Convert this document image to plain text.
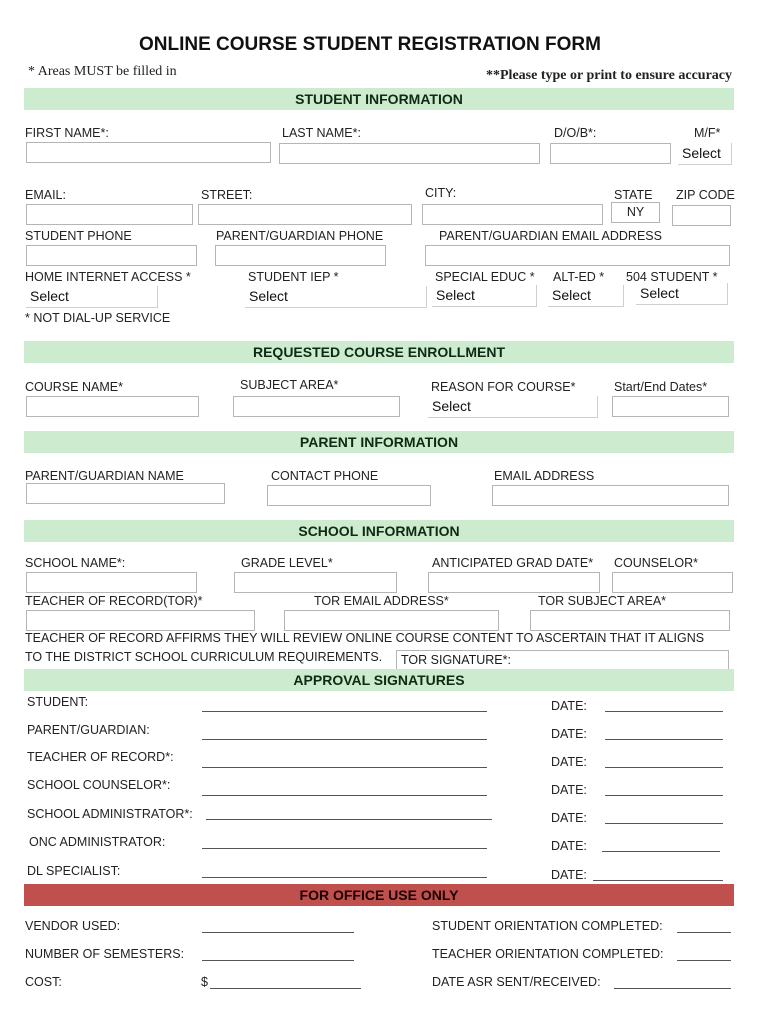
ONLINE COURSE STUDENT REGISTRATION FORM
* Areas MUST be filled in	**Please type or print to ensure accuracy
STUDENT INFORMATION
FIRST NAME*:	LAST NAME*:	D/O/B*:	M/F*
Select
EMAIL:	STREET:	CITY:	STATE ZIP CODE
NY
STUDENT PHONE	PARENT/GUARDIAN PHONE	PARENT/GUARDIAN EMAIL ADDRESS
HOME INTERNET ACCESS *	STUDENT IEP *	SPECIAL EDUC * ALT-ED * 504 STUDENT *
Select	Select	Select	Select	Select
* NOT DIAL-UP SERVICE
REQUESTED COURSE ENROLLMENT
COURSE NAME*	SUBJECT AREA*	REASON FOR COURSE*	Start/End Dates*
Select
PARENT INFORMATION
PARENT/GUARDIAN NAME	CONTACT PHONE	EMAIL ADDRESS
SCHOOL INFORMATION
SCHOOL NAME*:	GRADE LEVEL*	ANTICIPATED GRAD DATE* COUNSELOR*
TEACHER OF RECORD(TOR)*	TOR EMAIL ADDRESS*	TOR SUBJECT AREA*
TEACHER OF RECORD AFFIRMS THEY WILL REVIEW ONLINE COURSE CONTENT TO ASCERTAIN THAT IT ALIGNS
TO THE DISTRICT SCHOOL CURRICULUM REQUIREMENTS.	TOR SIGNATURE*:
APPROVAL SIGNATURES
STUDENT:	DATE:
PARENT/GUARDIAN:	DATE:
TEACHER OF RECORD*:	DATE:
SCHOOL COUNSELOR*:	DATE:
SCHOOL ADMINISTRATOR*:	DATE:
ONC ADMINISTRATOR:	DATE:
DL SPECIALIST:	DATE:
FOR OFFICE USE ONLY
VENDOR USED:	STUDENT ORIENTATION COMPLETED:
NUMBER OF SEMESTERS:	TEACHER ORIENTATION COMPLETED:
COST:	$	DATE ASR SENT/RECEIVED:
